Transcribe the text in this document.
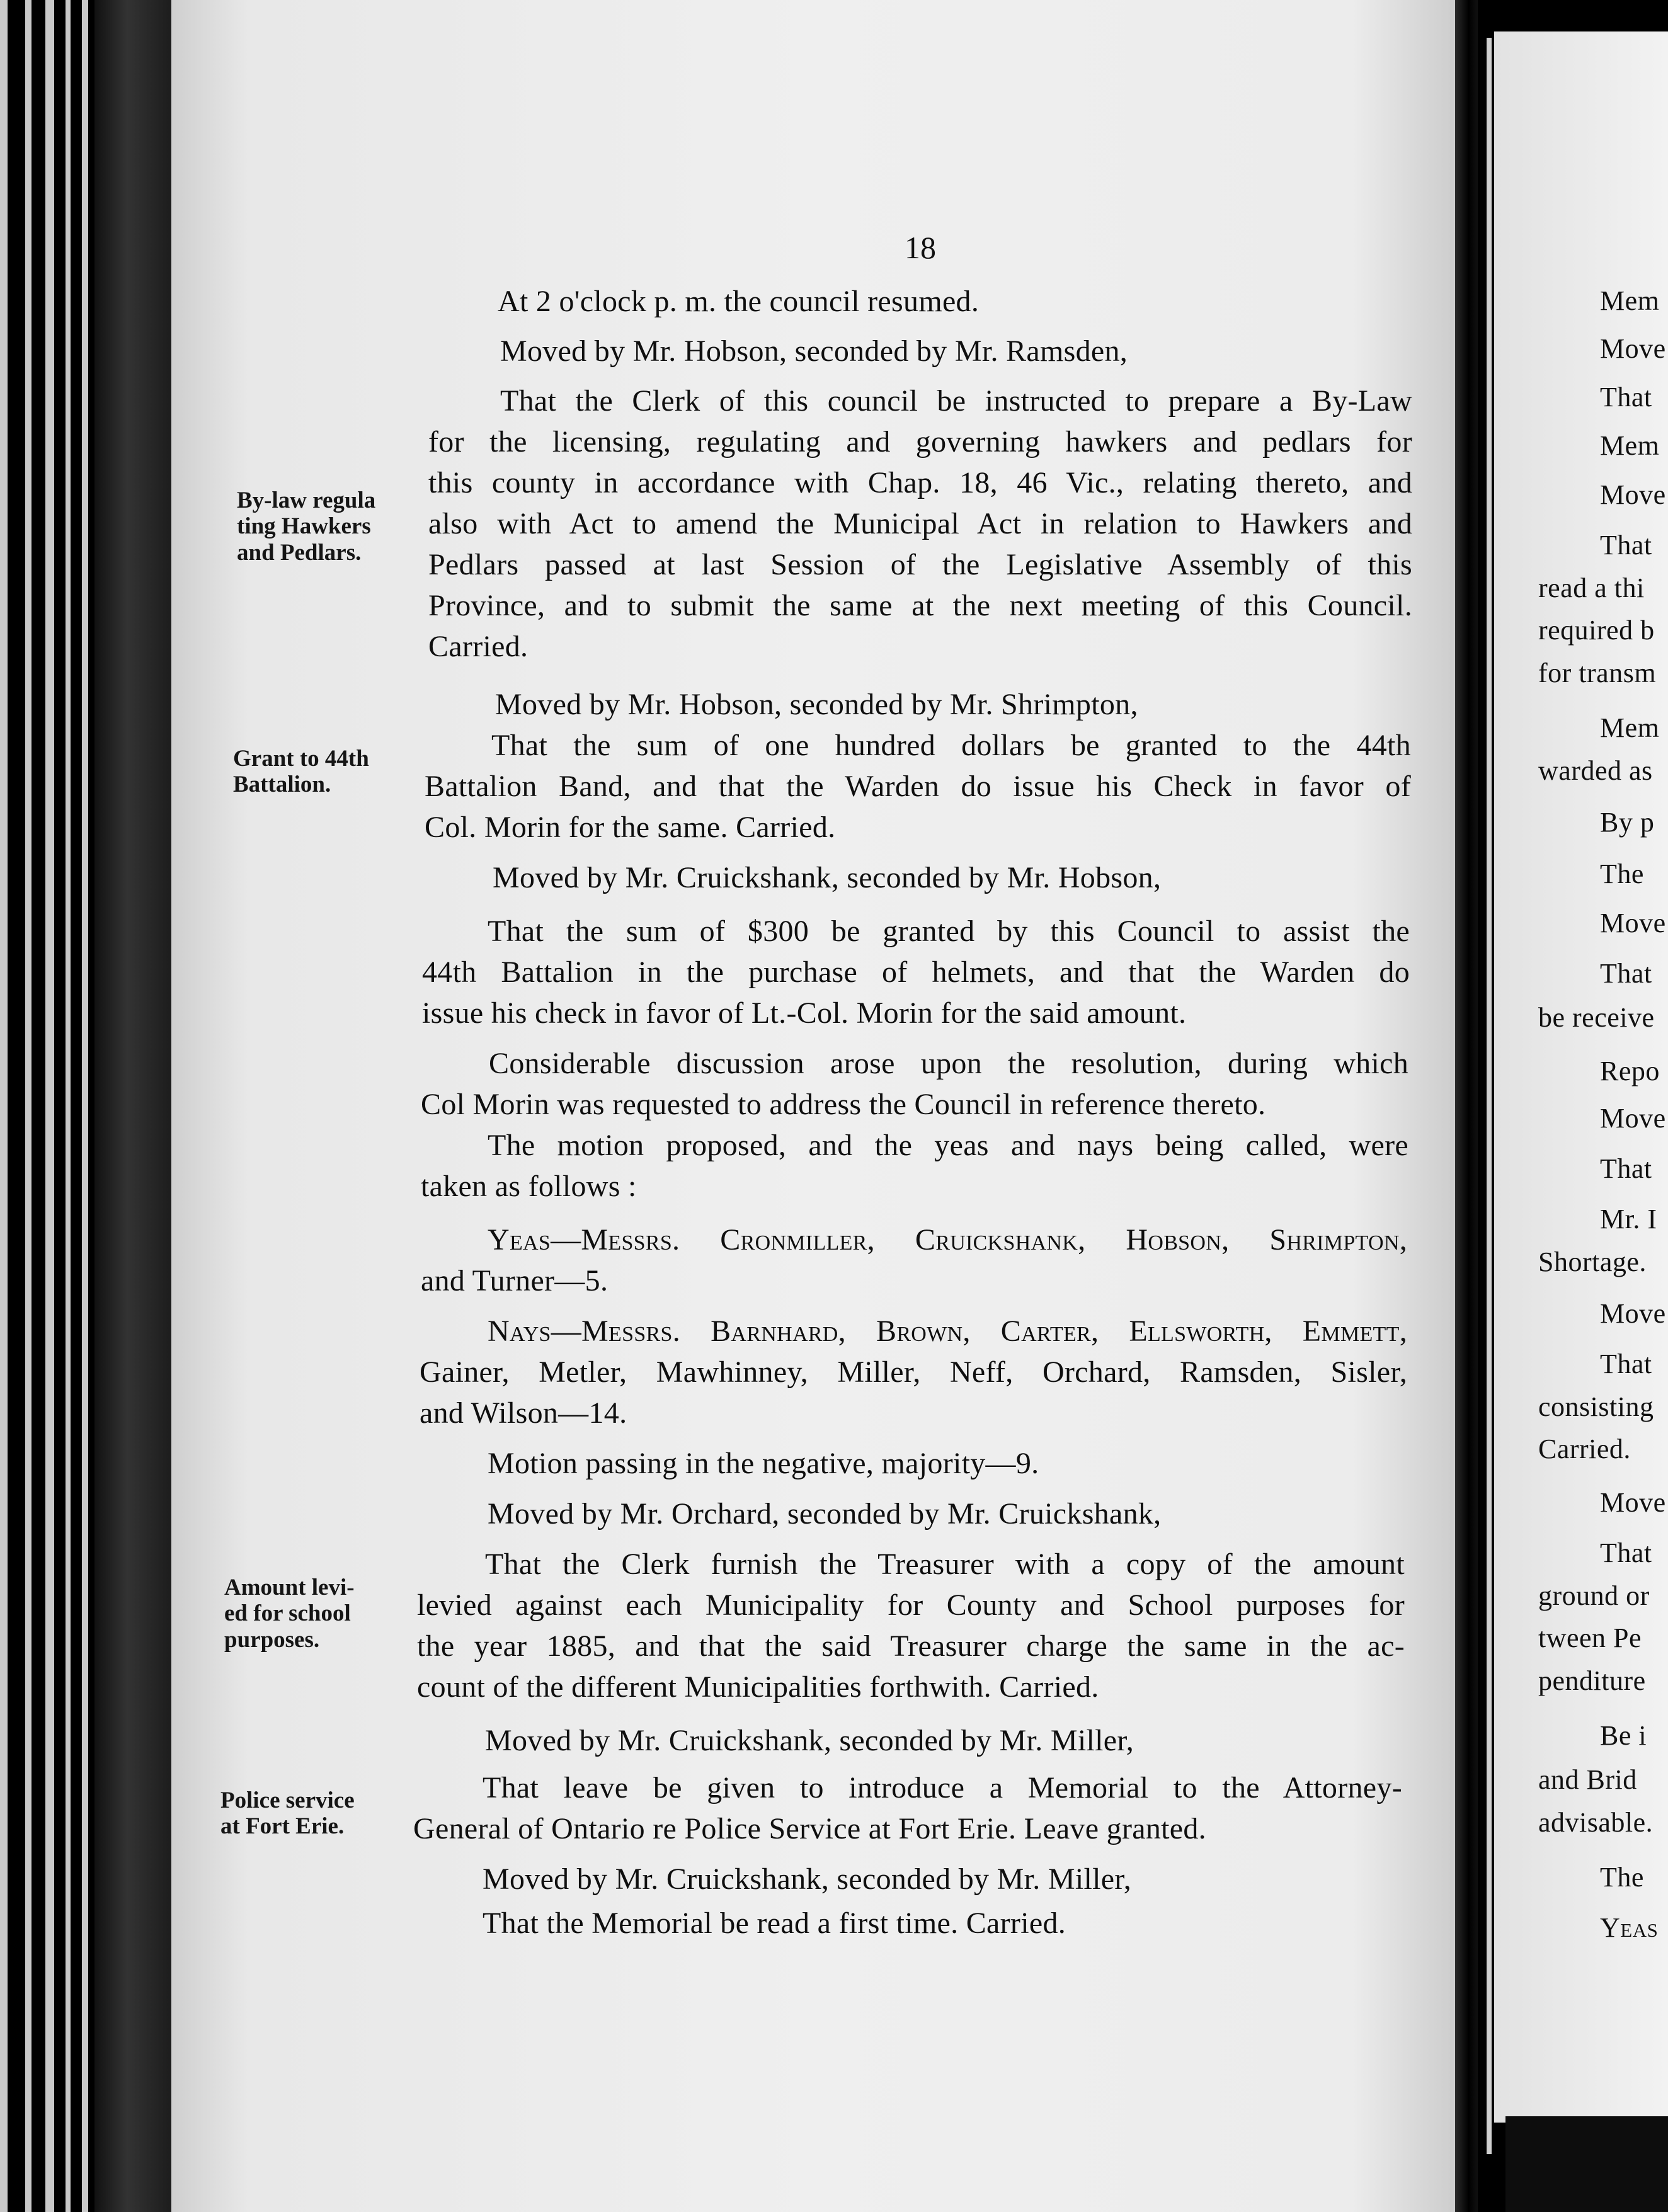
18
By-law regula
ting Hawkers
and Pedlars.
Grant to 44th
Battalion.
Amount levi-
ed for school
purposes.
Police service
at Fort Erie.
At 2 o'clock p. m. the council resumed.
Moved by Mr. Hobson, seconded by Mr. Ramsden,
That the Clerk of this council be instructed to prepare a By-Law
for the licensing, regulating and governing hawkers and pedlars for
this county in accordance with Chap. 18, 46 Vic., relating thereto, and
also with Act to amend the Municipal Act in relation to Hawkers and
Pedlars passed at last Session of the Legislative Assembly of this
Province, and to submit the same at the next meeting of this Council.
Carried.
Moved by Mr. Hobson, seconded by Mr. Shrimpton,
That the sum of one hundred dollars be granted to the 44th
Battalion Band, and that the Warden do issue his Check in favor of
Col. Morin for the same. Carried.
Moved by Mr. Cruickshank, seconded by Mr. Hobson,
That the sum of $300 be granted by this Council to assist the
44th Battalion in the purchase of helmets, and that the Warden do
issue his check in favor of Lt.-Col. Morin for the said amount.
Considerable discussion arose upon the resolution, during which
Col Morin was requested to address the Council in reference thereto.
The motion proposed, and the yeas and nays being called, were
taken as follows :
Yeas—Messrs. Cronmiller, Cruickshank, Hobson, Shrimpton,
and Turner—5.
Nays—Messrs. Barnhard, Brown, Carter, Ellsworth, Emmett,
Gainer, Metler, Mawhinney, Miller, Neff, Orchard, Ramsden, Sisler,
and Wilson—14.
Motion passing in the negative, majority—9.
Moved by Mr. Orchard, seconded by Mr. Cruickshank,
That the Clerk furnish the Treasurer with a copy of the amount
levied against each Municipality for County and School purposes for
the year 1885, and that the said Treasurer charge the same in the ac-
count of the different Municipalities forthwith. Carried.
Moved by Mr. Cruickshank, seconded by Mr. Miller,
That leave be given to introduce a Memorial to the Attorney-
General of Ontario re Police Service at Fort Erie. Leave granted.
Moved by Mr. Cruickshank, seconded by Mr. Miller,
That the Memorial be read a first time. Carried.
Mem
Move
That
Mem
Move
That
read a thi
required b
for transm
Mem
warded as
By p
The
Move
That
be receive
Repo
Move
That
Mr. I
Shortage.
Move
That
consisting
Carried.
Move
That
ground or
tween Pe
penditure
Be i
and Brid
advisable.
The
Yeas
